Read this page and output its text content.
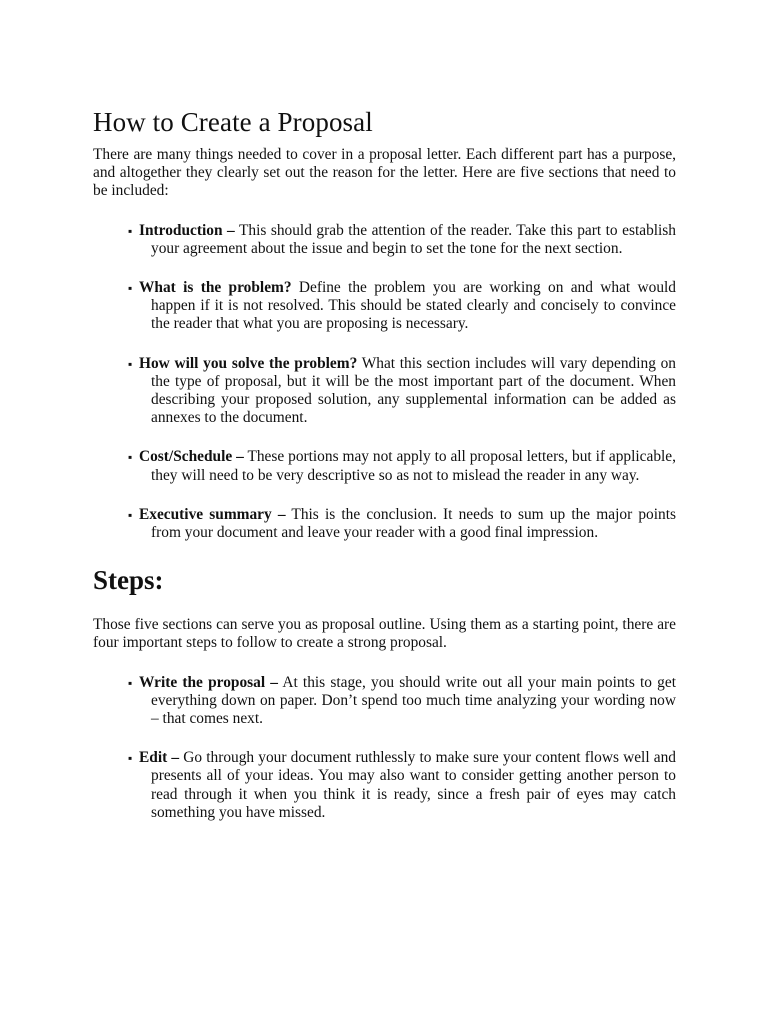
How to Create a Proposal

There are many things needed to cover in a proposal letter. Each different part has a purpose, and altogether they clearly set out the reason for the letter. Here are five sections that need to be included:

▪ Introduction – This should grab the attention of the reader. Take this part to establish your agreement about the issue and begin to set the tone for the next section.
▪ What is the problem? Define the problem you are working on and what would happen if it is not resolved. This should be stated clearly and concisely to convince the reader that what you are proposing is necessary.
▪ How will you solve the problem? What this section includes will vary depending on the type of proposal, but it will be the most important part of the document. When describing your proposed solution, any supplemental information can be added as annexes to the document.
▪ Cost/Schedule – These portions may not apply to all proposal letters, but if applicable, they will need to be very descriptive so as not to mislead the reader in any way.
▪ Executive summary – This is the conclusion. It needs to sum up the major points from your document and leave your reader with a good final impression.
Steps:

Those five sections can serve you as proposal outline. Using them as a starting point, there are four important steps to follow to create a strong proposal.

▪ Write the proposal – At this stage, you should write out all your main points to get everything down on paper. Don’t spend too much time analyzing your wording now – that comes next.
▪ Edit – Go through your document ruthlessly to make sure your content flows well and presents all of your ideas. You may also want to consider getting another person to read through it when you think it is ready, since a fresh pair of eyes may catch something you have missed.
